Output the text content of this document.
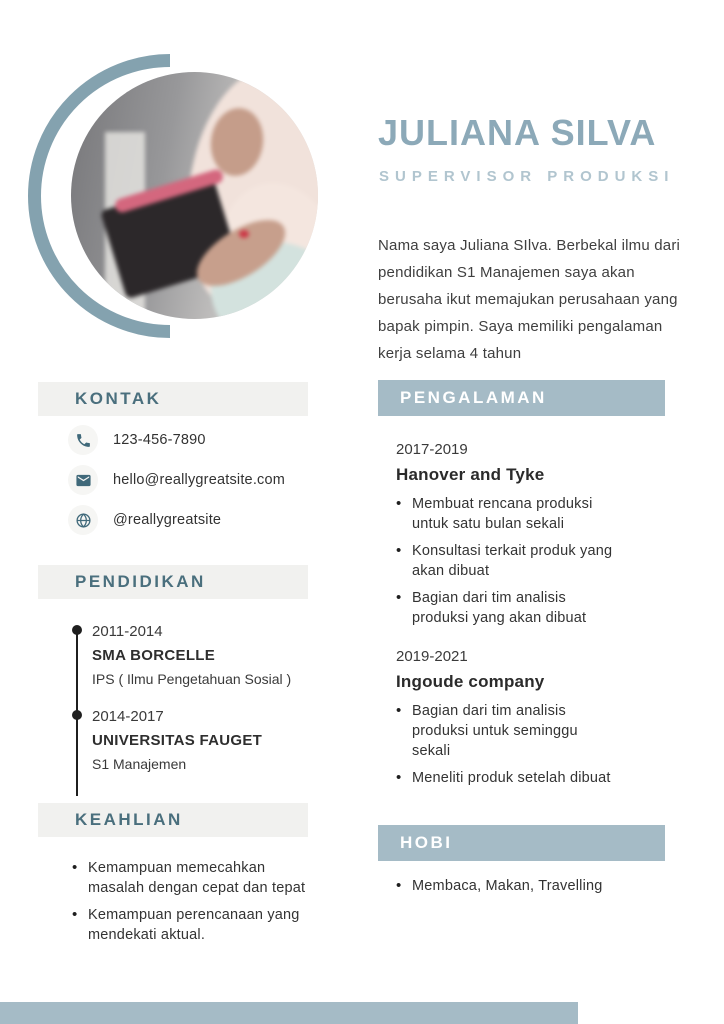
JULIANA SILVA
SUPERVISOR PRODUKSI

Nama saya Juliana SIlva. Berbekal ilmu dari pendidikan S1 Manajemen saya akan berusaha ikut memajukan perusahaan yang bapak pimpin. Saya memiliki pengalaman kerja selama 4 tahun

KONTAK
123-456-7890
hello@reallygreatsite.com
@reallygreatsite
PENDIDIKAN
2011-2014
SMA BORCELLE
IPS ( Ilmu Pengetahuan Sosial )
2014-2017
UNIVERSITAS FAUGET
S1 Manajemen
KEAHLIAN
• Kemampuan memecahkan masalah dengan cepat dan tepat
• Kemampuan perencanaan yang mendekati aktual.
PENGALAMAN
2017-2019
Hanover and Tyke
• Membuat rencana produksi untuk satu bulan sekali
• Konsultasi terkait produk yang akan dibuat
• Bagian dari tim analisis produksi yang akan dibuat
2019-2021
Ingoude company
• Bagian dari tim analisis produksi untuk seminggu sekali
• Meneliti produk setelah dibuat
HOBI
• Membaca, Makan, Travelling
